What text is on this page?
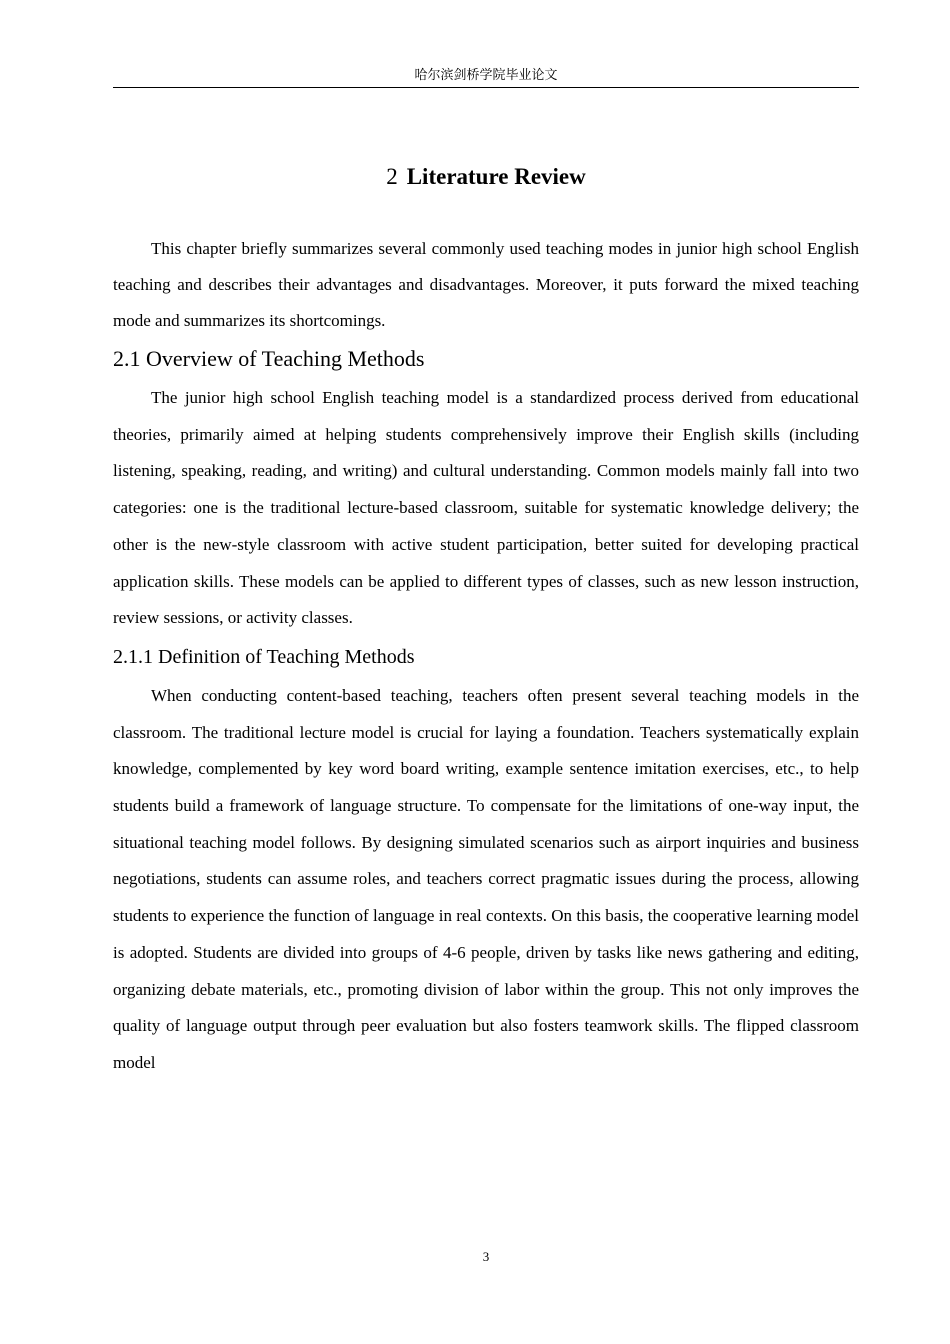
哈尔滨剑桥学院毕业论文
2 Literature Review

This chapter briefly summarizes several commonly used teaching modes in junior high school English teaching and describes their advantages and disadvantages. Moreover, it puts forward the mixed teaching mode and summarizes its shortcomings.

2.1 Overview of Teaching Methods

The junior high school English teaching model is a standardized process derived from educational theories, primarily aimed at helping students comprehensively improve their English skills (including listening, speaking, reading, and writing) and cultural understanding. Common models mainly fall into two categories: one is the traditional lecture-based classroom, suitable for systematic knowledge delivery; the other is the new-style classroom with active student participation, better suited for developing practical application skills. These models can be applied to different types of classes, such as new lesson instruction, review sessions, or activity classes.

2.1.1 Definition of Teaching Methods

When conducting content-based teaching, teachers often present several teaching models in the classroom. The traditional lecture model is crucial for laying a foundation. Teachers systematically explain knowledge, complemented by key word board writing, example sentence imitation exercises, etc., to help students build a framework of language structure. To compensate for the limitations of one-way input, the situational teaching model follows. By designing simulated scenarios such as airport inquiries and business negotiations, students can assume roles, and teachers correct pragmatic issues during the process, allowing students to experience the function of language in real contexts. On this basis, the cooperative learning model is adopted. Students are divided into groups of 4-6 people, driven by tasks like news gathering and editing, organizing debate materials, etc., promoting division of labor within the group. This not only improves the quality of language output through peer evaluation but also fosters teamwork skills. The flipped classroom model

3
